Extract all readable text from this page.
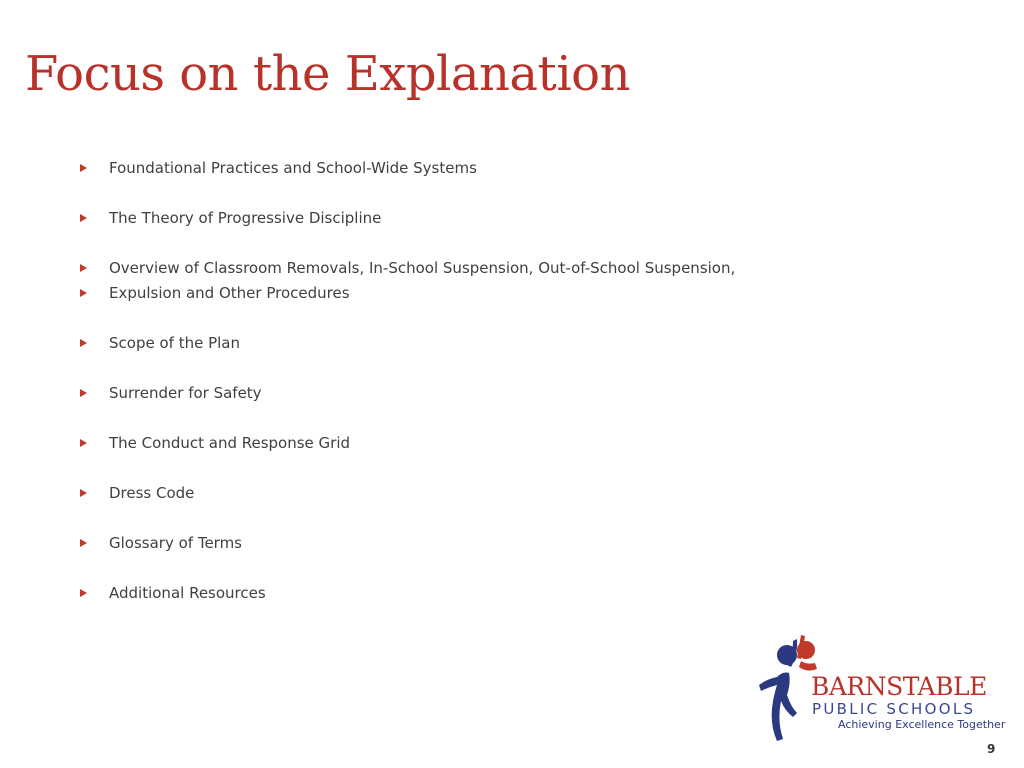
Focus on the Explanation
Foundational Practices and School-Wide Systems
The Theory of Progressive Discipline
Overview of Classroom Removals, In-School Suspension, Out-of-School Suspension,
Expulsion and Other Procedures
Scope of the Plan
Surrender for Safety
The Conduct and Response Grid
Dress Code
Glossary of Terms
Additional Resources
BARNSTABLE
PUBLIC SCHOOLS
Achieving Excellence Together
9
